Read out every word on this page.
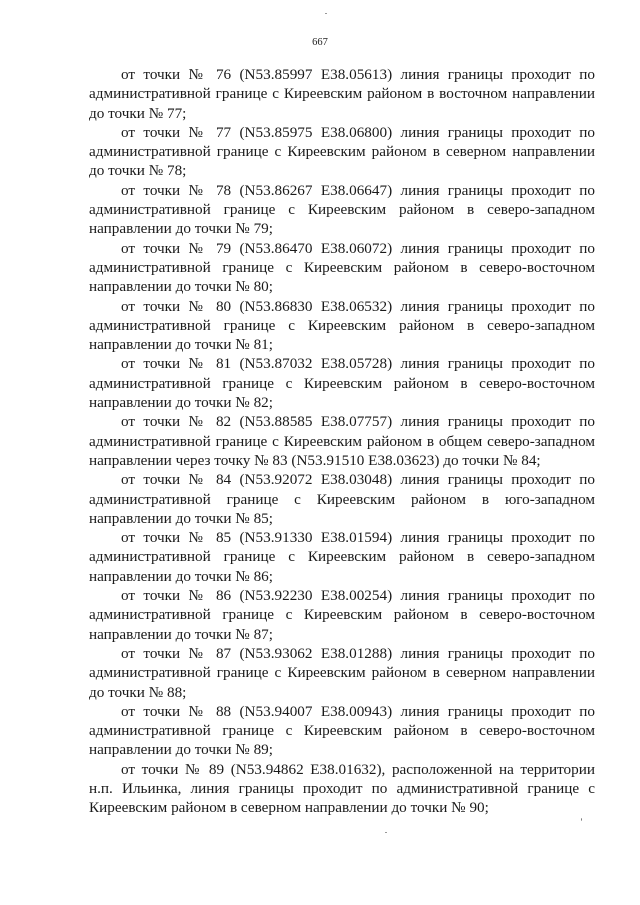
667

от точки № 76 (N53.85997 E38.05613) линия границы проходит по административной границе с Киреевским районом в восточном направлении до точки № 77;

от точки № 77 (N53.85975 E38.06800) линия границы проходит по административной границе с Киреевским районом в северном направлении до точки № 78;

от точки № 78 (N53.86267 E38.06647) линия границы проходит по административной границе с Киреевским районом в северо-западном направлении до точки № 79;

от точки № 79 (N53.86470 E38.06072) линия границы проходит по административной границе с Киреевским районом в северо-восточном направлении до точки № 80;

от точки № 80 (N53.86830 E38.06532) линия границы проходит по административной границе с Киреевским районом в северо-западном направлении до точки № 81;

от точки № 81 (N53.87032 E38.05728) линия границы проходит по административной границе с Киреевским районом в северо-восточном направлении до точки № 82;

от точки № 82 (N53.88585 E38.07757) линия границы проходит по административной границе с Киреевским районом в общем северо-западном направлении через точку № 83 (N53.91510 E38.03623) до точки № 84;

от точки № 84 (N53.92072 E38.03048) линия границы проходит по административной границе с Киреевским районом в юго-западном направлении до точки № 85;

от точки № 85 (N53.91330 E38.01594) линия границы проходит по административной границе с Киреевским районом в северо-западном направлении до точки № 86;

от точки № 86 (N53.92230 E38.00254) линия границы проходит по административной границе с Киреевским районом в северо-восточном направлении до точки № 87;

от точки № 87 (N53.93062 E38.01288) линия границы проходит по административной границе с Киреевским районом в северном направлении до точки № 88;

от точки № 88 (N53.94007 E38.00943) линия границы проходит по административной границе с Киреевским районом в северо-восточном направлении до точки № 89;

от точки № 89 (N53.94862 E38.01632), расположенной на территории н.п. Ильинка, линия границы проходит по административной границе с Киреевским районом в северном направлении до точки № 90;
